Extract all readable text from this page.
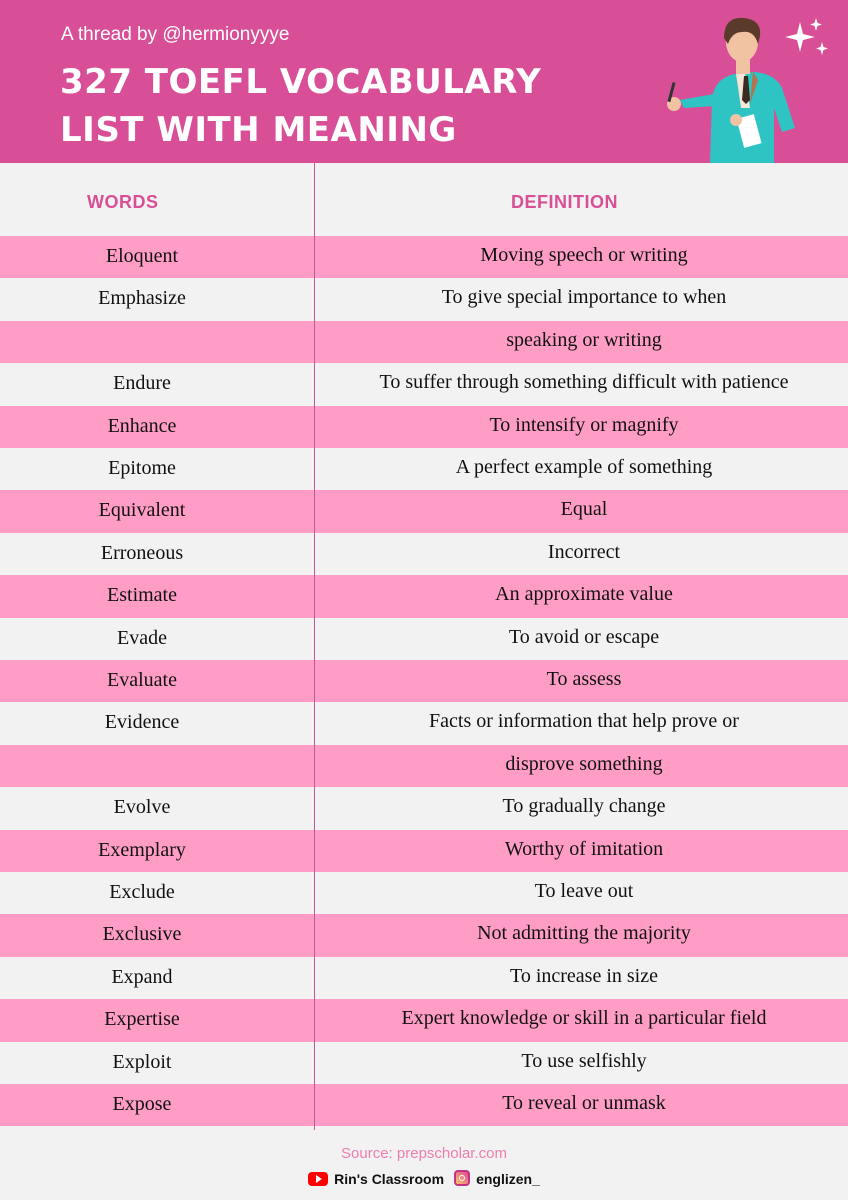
A thread by @hermionyyye
327 TOEFL VOCABULARY
LIST WITH MEANING
WORDS	DEFINITION
Eloquent	Moving speech or writing
Emphasize	To give special importance to when
speaking or writing
Endure	To suffer through something difficult with patience
Enhance	To intensify or magnify
Epitome	A perfect example of something
Equivalent	Equal
Erroneous	Incorrect
Estimate	An approximate value
Evade	To avoid or escape
Evaluate	To assess
Evidence	Facts or information that help prove or
disprove something
Evolve	To gradually change
Exemplary	Worthy of imitation
Exclude	To leave out
Exclusive	Not admitting the majority
Expand	To increase in size
Expertise	Expert knowledge or skill in a particular field
Exploit	To use selfishly
Expose	To reveal or unmask
Source: prepscholar.com
Rin's Classroom englizen_
